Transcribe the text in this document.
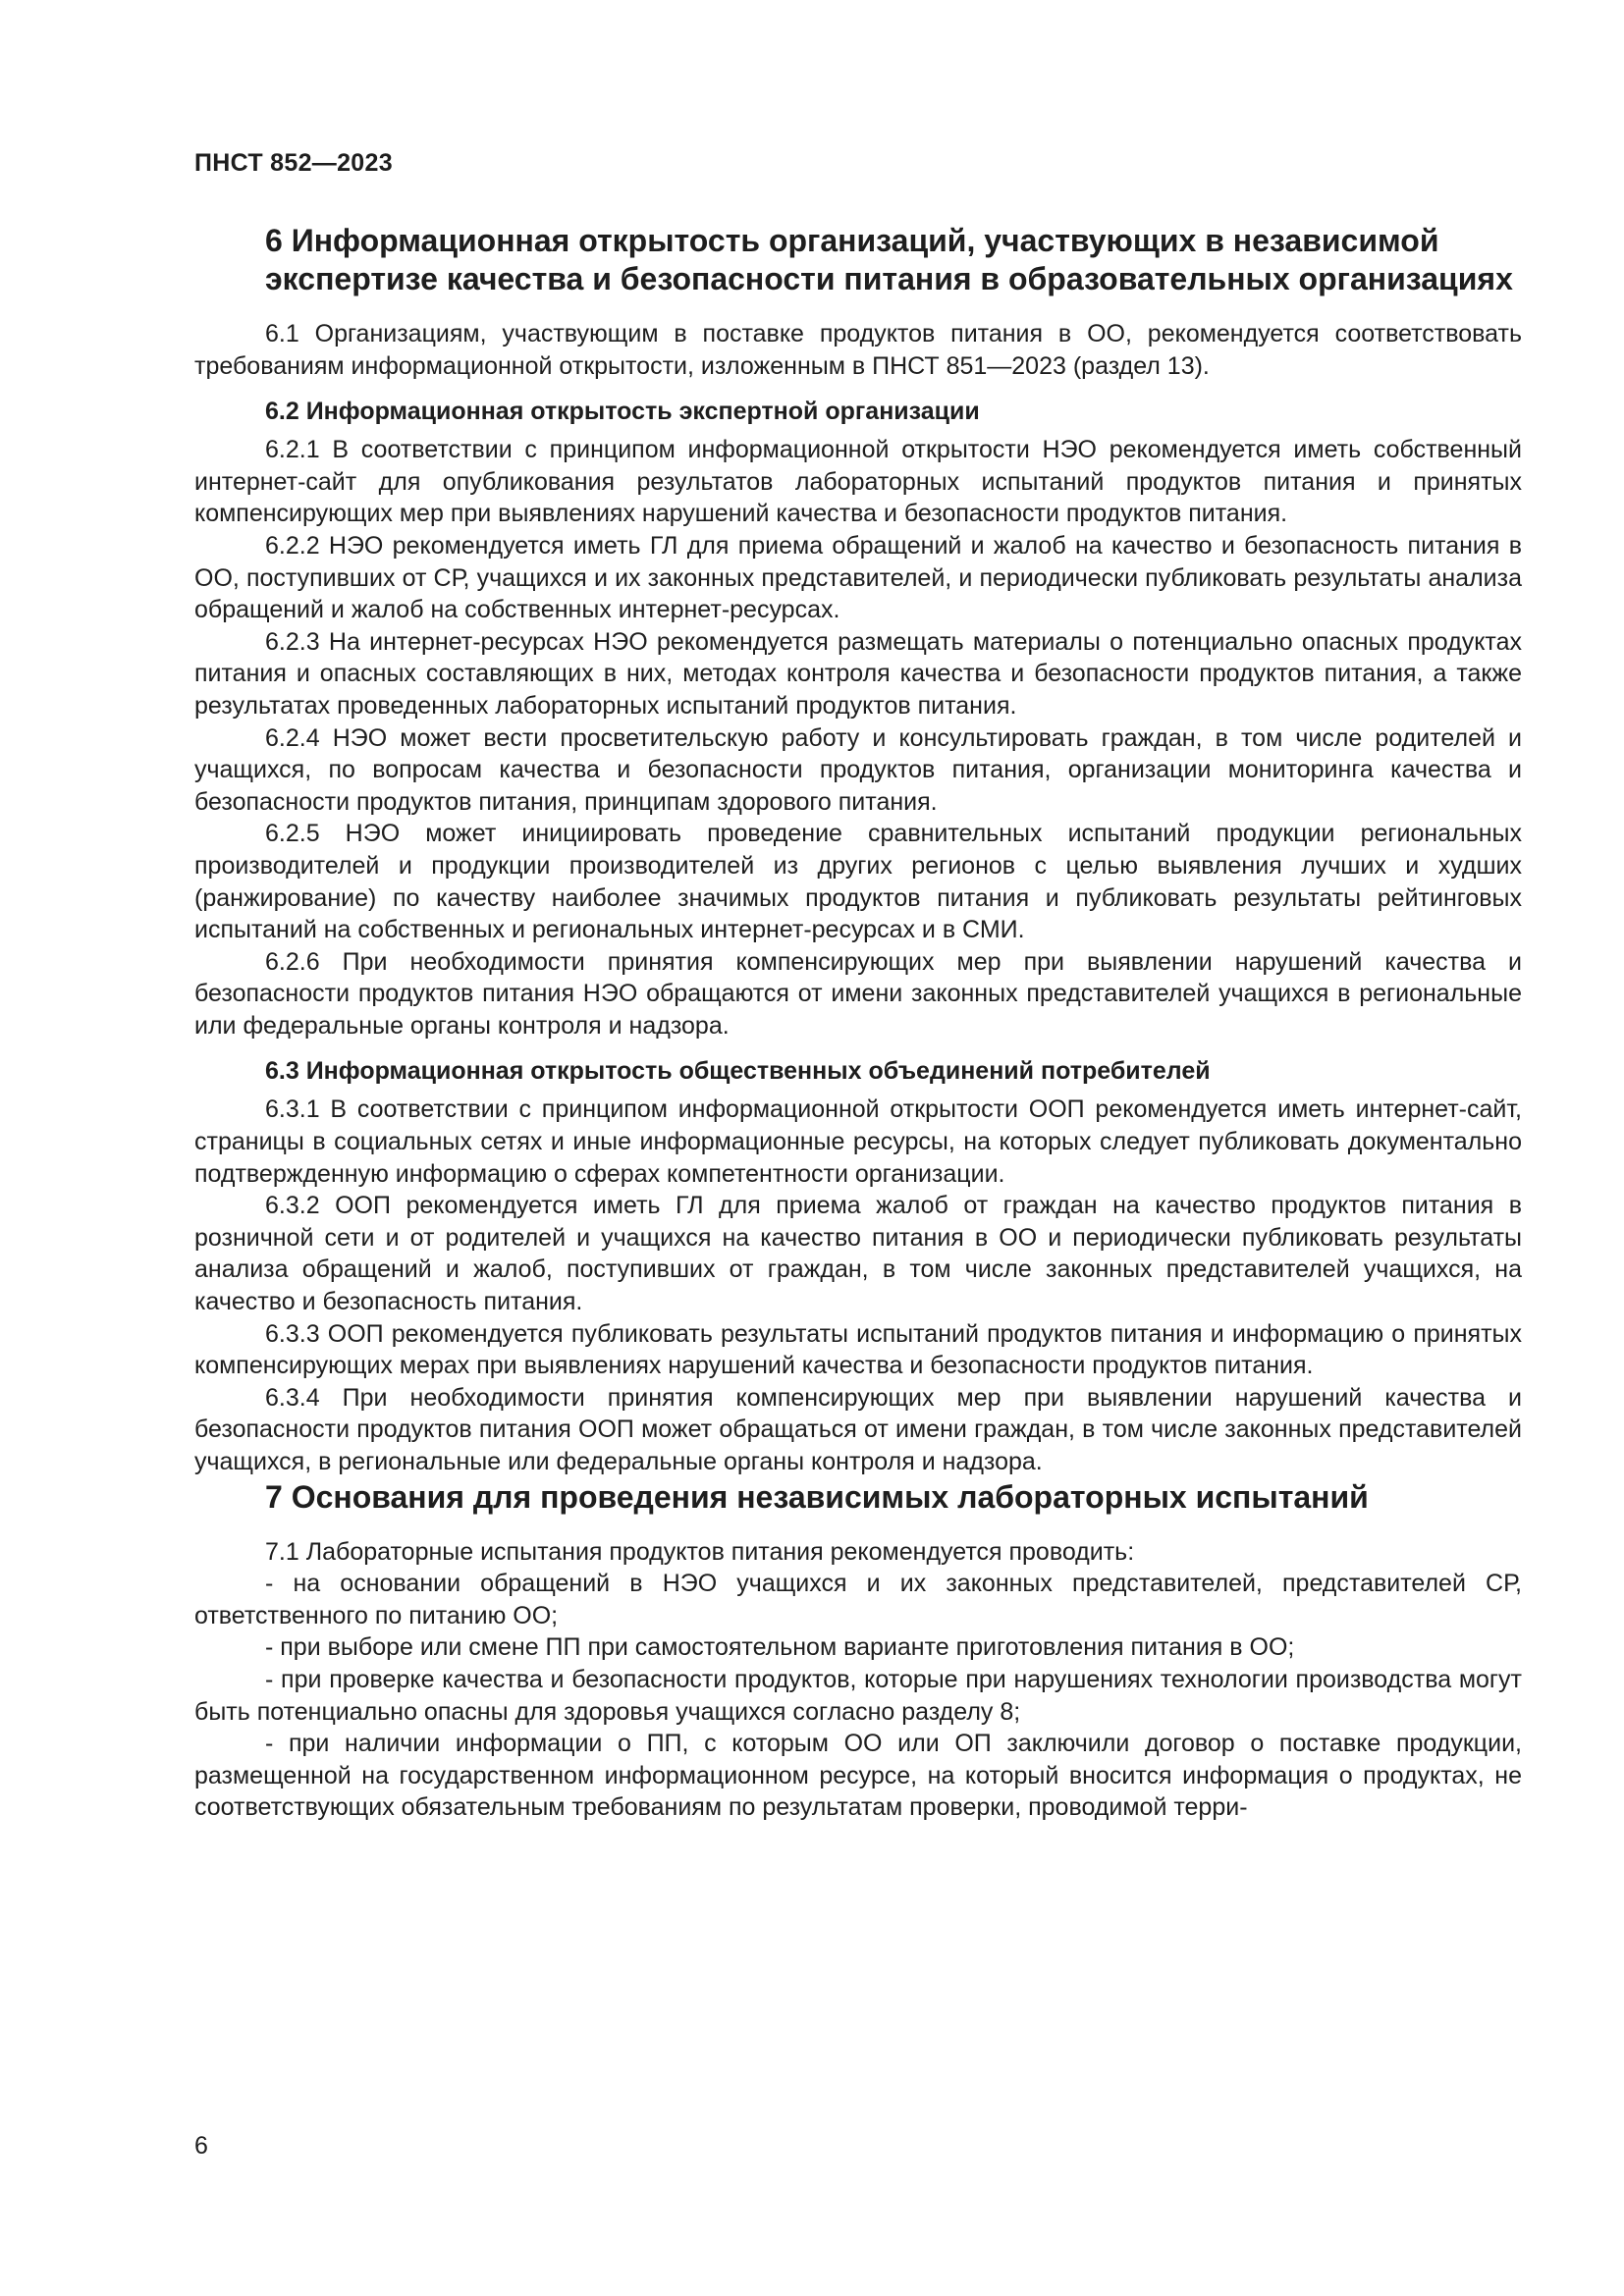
ПНСТ 852—2023

6 Информационная открытость организаций, участвующих в независимой экспертизе качества и безопасности питания в образовательных организациях

6.1 Организациям, участвующим в поставке продуктов питания в ОО, рекомендуется соответствовать требованиям информационной открытости, изложенным в ПНСТ 851—2023 (раздел 13).

6.2 Информационная открытость экспертной организации

6.2.1 В соответствии с принципом информационной открытости НЭО рекомендуется иметь собственный интернет-сайт для опубликования результатов лабораторных испытаний продуктов питания и принятых компенсирующих мер при выявлениях нарушений качества и безопасности продуктов питания.

6.2.2 НЭО рекомендуется иметь ГЛ для приема обращений и жалоб на качество и безопасность питания в ОО, поступивших от СР, учащихся и их законных представителей, и периодически публиковать результаты анализа обращений и жалоб на собственных интернет-ресурсах.

6.2.3 На интернет-ресурсах НЭО рекомендуется размещать материалы о потенциально опасных продуктах питания и опасных составляющих в них, методах контроля качества и безопасности продуктов питания, а также результатах проведенных лабораторных испытаний продуктов питания.

6.2.4 НЭО может вести просветительскую работу и консультировать граждан, в том числе родителей и учащихся, по вопросам качества и безопасности продуктов питания, организации мониторинга качества и безопасности продуктов питания, принципам здорового питания.

6.2.5 НЭО может инициировать проведение сравнительных испытаний продукции региональных производителей и продукции производителей из других регионов с целью выявления лучших и худших (ранжирование) по качеству наиболее значимых продуктов питания и публиковать результаты рейтинговых испытаний на собственных и региональных интернет-ресурсах и в СМИ.

6.2.6 При необходимости принятия компенсирующих мер при выявлении нарушений качества и безопасности продуктов питания НЭО обращаются от имени законных представителей учащихся в региональные или федеральные органы контроля и надзора.

6.3 Информационная открытость общественных объединений потребителей

6.3.1 В соответствии с принципом информационной открытости ООП рекомендуется иметь интернет-сайт, страницы в социальных сетях и иные информационные ресурсы, на которых следует публиковать документально подтвержденную информацию о сферах компетентности организации.

6.3.2 ООП рекомендуется иметь ГЛ для приема жалоб от граждан на качество продуктов питания в розничной сети и от родителей и учащихся на качество питания в ОО и периодически публиковать результаты анализа обращений и жалоб, поступивших от граждан, в том числе законных представителей учащихся, на качество и безопасность питания.

6.3.3 ООП рекомендуется публиковать результаты испытаний продуктов питания и информацию о принятых компенсирующих мерах при выявлениях нарушений качества и безопасности продуктов питания.

6.3.4 При необходимости принятия компенсирующих мер при выявлении нарушений качества и безопасности продуктов питания ООП может обращаться от имени граждан, в том числе законных представителей учащихся, в региональные или федеральные органы контроля и надзора.

7 Основания для проведения независимых лабораторных испытаний

7.1 Лабораторные испытания продуктов питания рекомендуется проводить:

- на основании обращений в НЭО учащихся и их законных представителей, представителей СР, ответственного по питанию ОО;

- при выборе или смене ПП при самостоятельном варианте приготовления питания в ОО;

- при проверке качества и безопасности продуктов, которые при нарушениях технологии производства могут быть потенциально опасны для здоровья учащихся согласно разделу 8;

- при наличии информации о ПП, с которым ОО или ОП заключили договор о поставке продукции, размещенной на государственном информационном ресурсе, на который вносится информация о продуктах, не соответствующих обязательным требованиям по результатам проверки, проводимой терри-

6
